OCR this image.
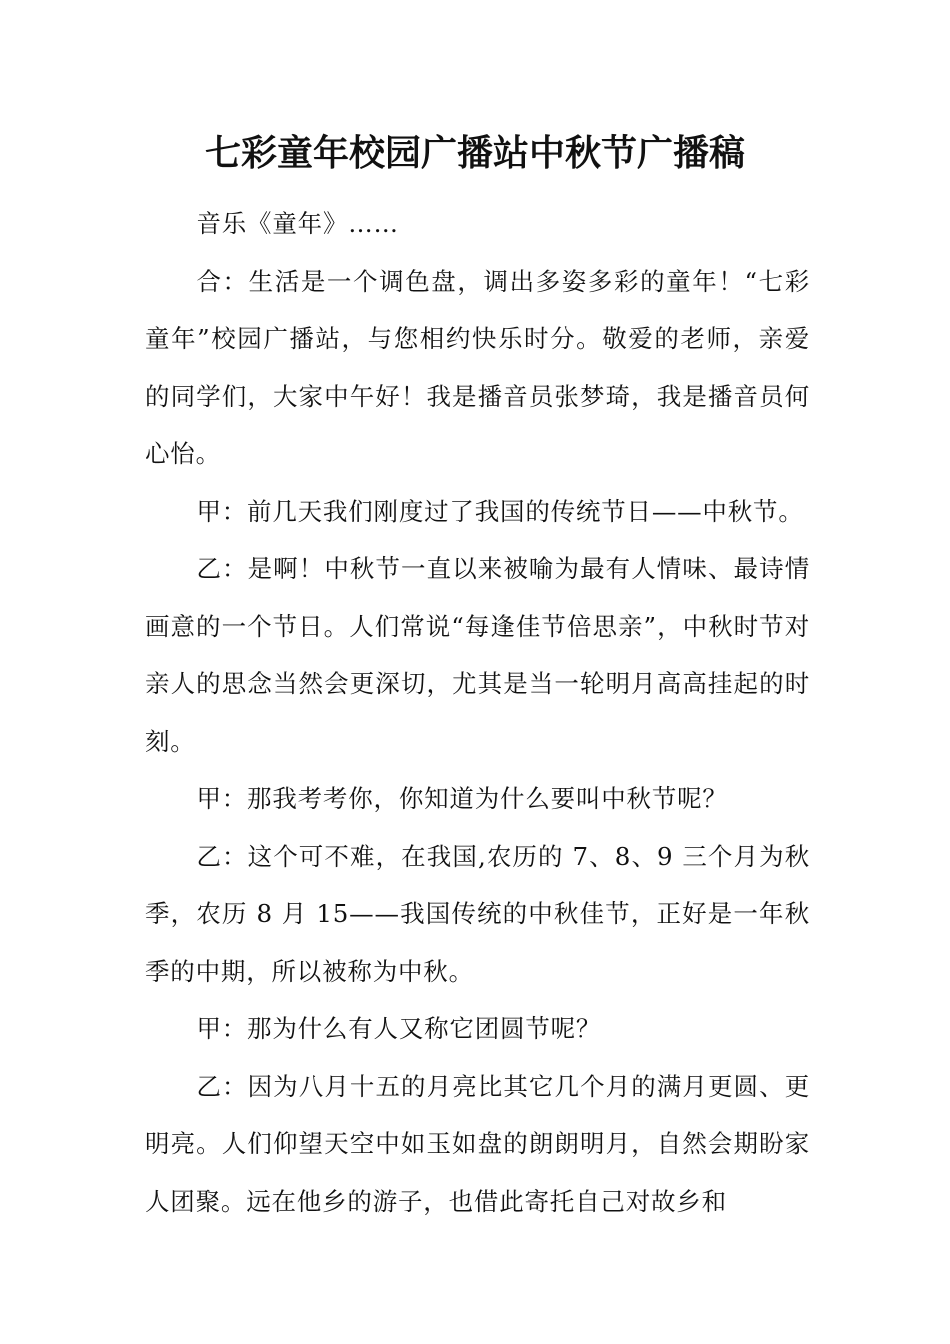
七彩童年校园广播站中秋节广播稿

音乐《童年》……

合：生活是一个调色盘，调出多姿多彩的童年！“七彩童年”校园广播站，与您相约快乐时分。敬爱的老师，亲爱的同学们，大家中午好！我是播音员张梦琦，我是播音员何心怡。

甲：前几天我们刚度过了我国的传统节日——中秋节。

乙：是啊！中秋节一直以来被喻为最有人情味、最诗情画意的一个节日。人们常说“每逢佳节倍思亲”，中秋时节对亲人的思念当然会更深切，尤其是当一轮明月高高挂起的时刻。

甲：那我考考你，你知道为什么要叫中秋节呢？

乙：这个可不难，在我国,农历的 7、8、9 三个月为秋季，农历 8 月 15——我国传统的中秋佳节，正好是一年秋季的中期，所以被称为中秋。

甲：那为什么有人又称它团圆节呢？

乙：因为八月十五的月亮比其它几个月的满月更圆、更明亮。人们仰望天空中如玉如盘的朗朗明月，自然会期盼家人团聚。远在他乡的游子，也借此寄托自己对故乡和
